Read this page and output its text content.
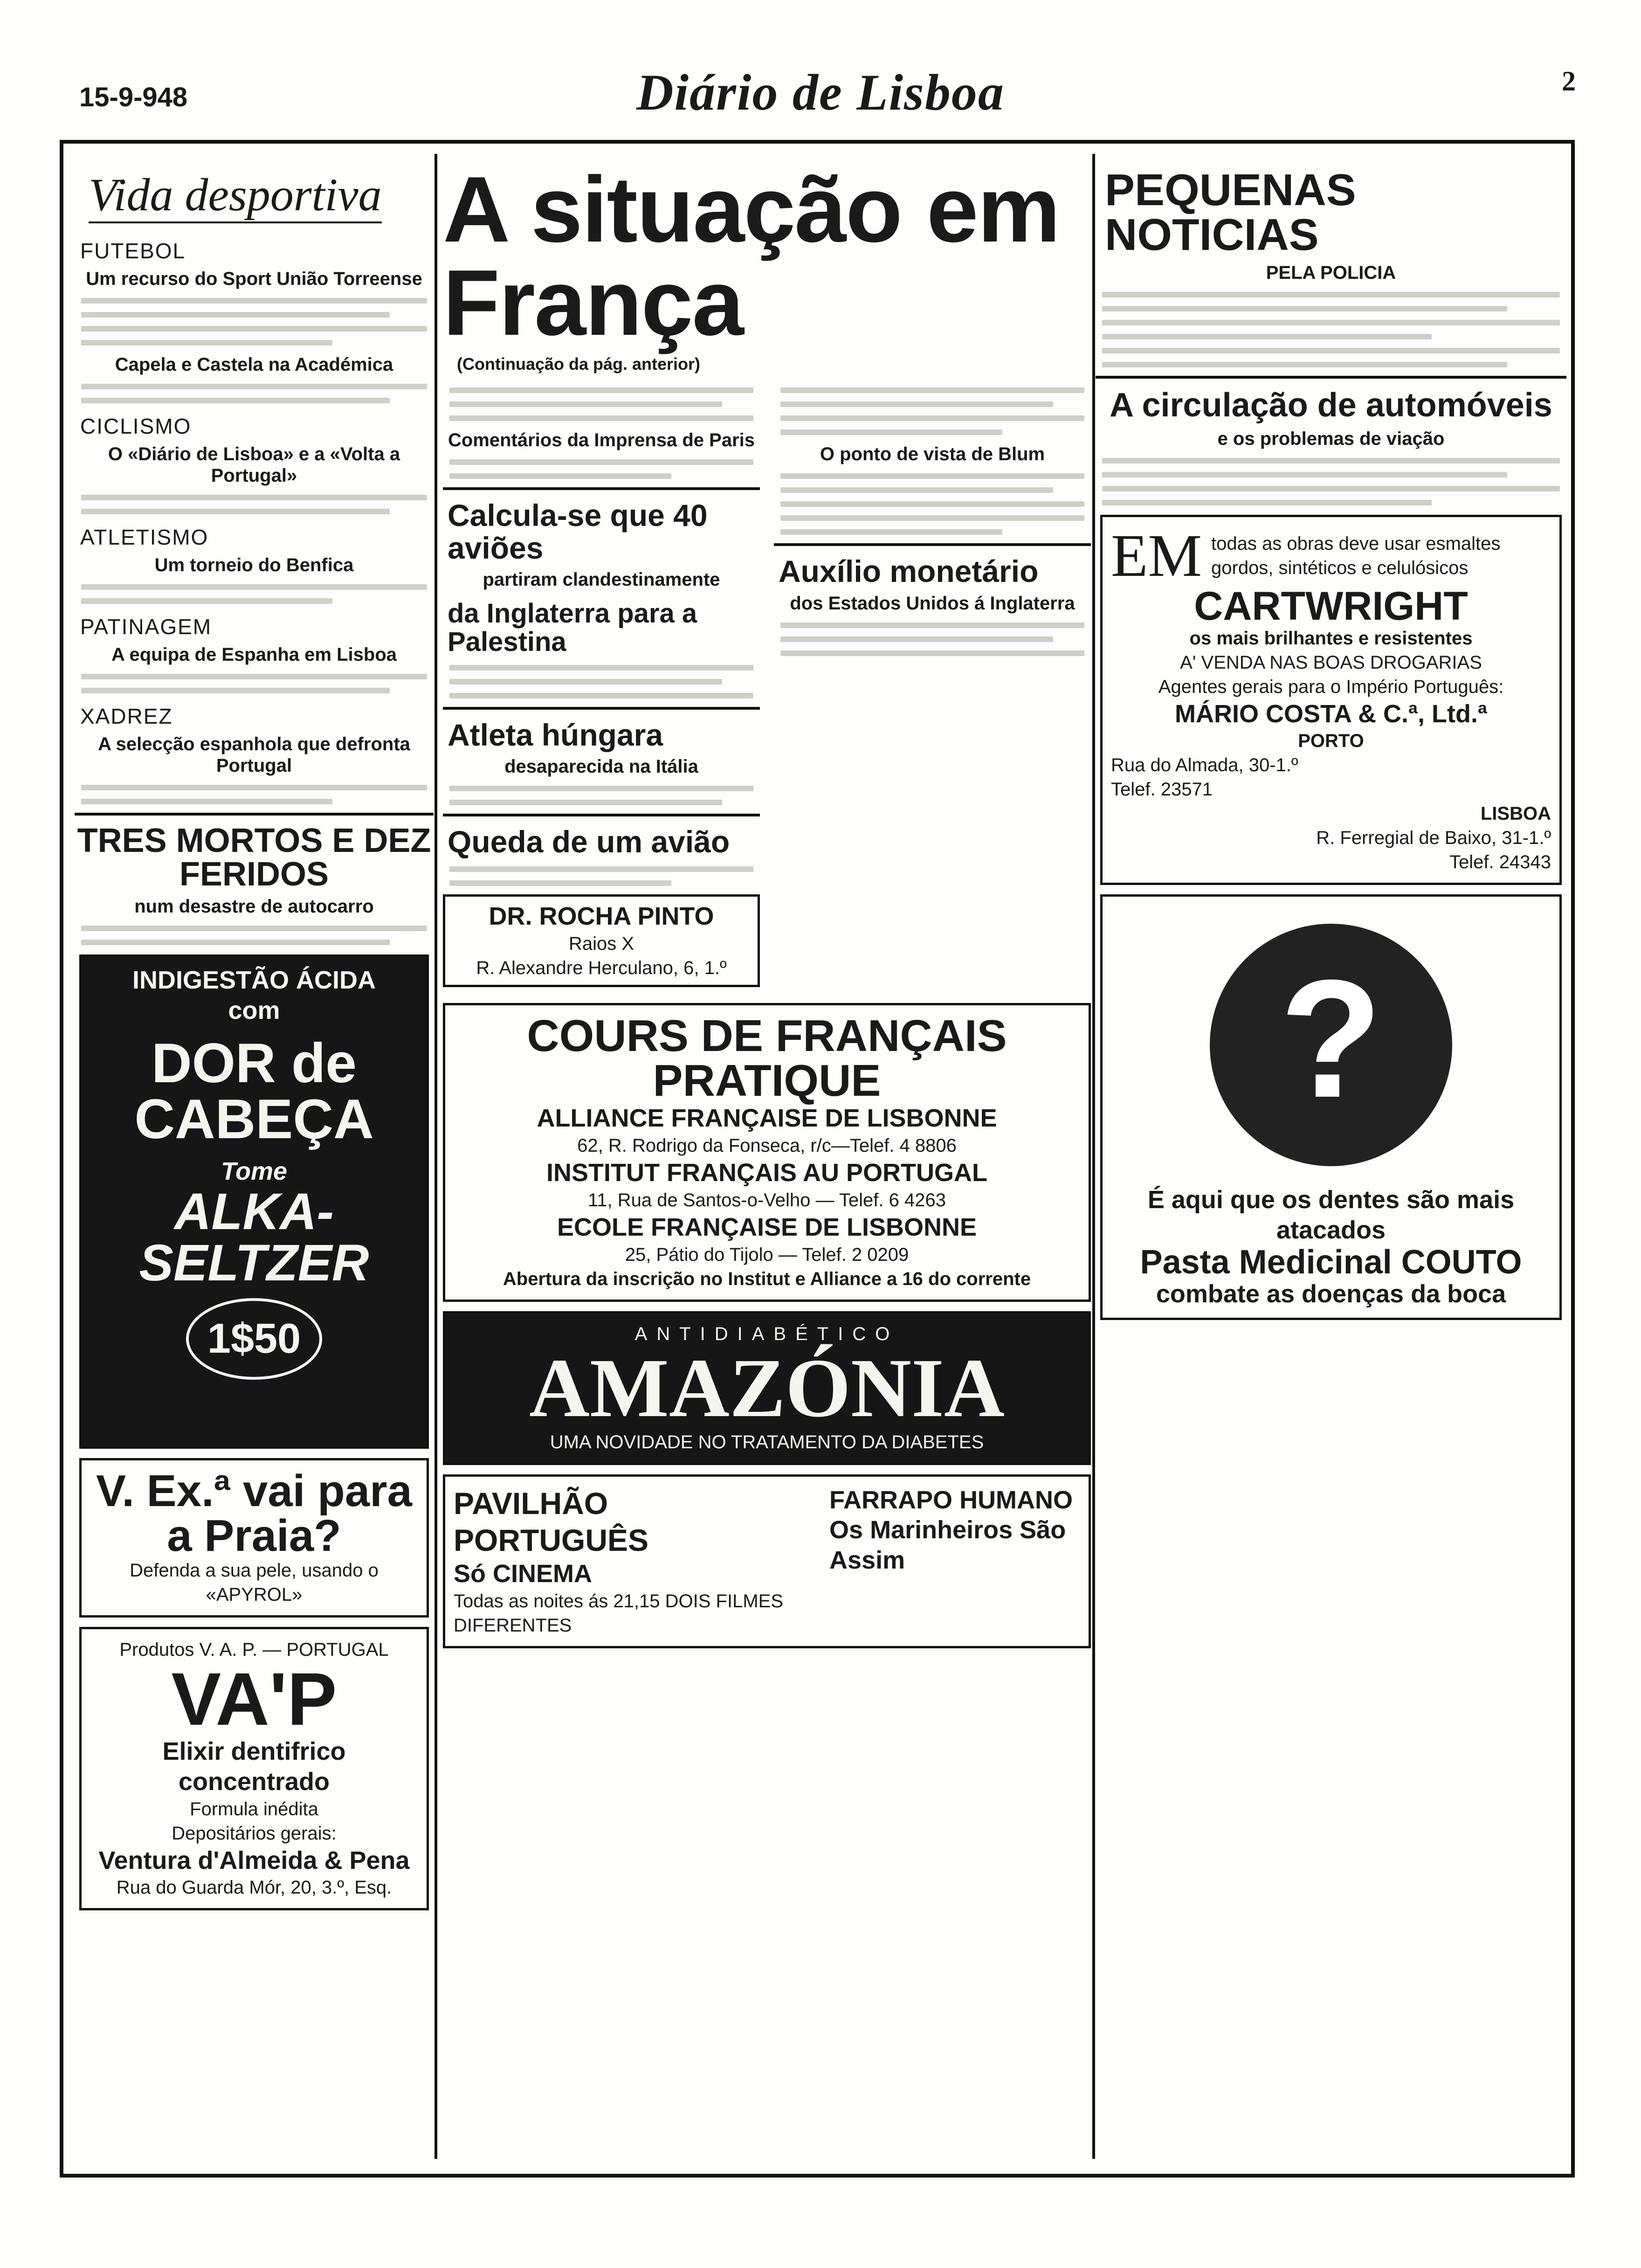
15-9-948	Diário de Lisboa	2
Vida desportiva
FUTEBOL
Um recurso do Sport União Torreense
Capela e Castela na Académica
CICLISMO
O «Diário de Lisboa» e a «Volta a Portugal»
ATLETISMO
Um torneio do Benfica
PATINAGEM
A equipa de Espanha em Lisboa
XADREZ
A selecção espanhola que defronta Portugal
TRES MORTOS E DEZ FERIDOS
num desastre de autocarro
INDIGESTÃO ÁCIDA
com
DOR de CABEÇA
Tome
ALKA-SELTZER
1$50
V. Ex.ª vai para a Praia?
Defenda a sua pele, usando o «APYROL»
Produtos V. A. P. — PORTUGAL
VA'P
Elixir dentifrico concentrado
Formula inédita
Depositários gerais:
Ventura d'Almeida & Pena
Rua do Guarda Mór, 20, 3.º, Esq.
A situação em França
(Continuação da pág. anterior)
Comentários da Imprensa de Paris
Calcula-se que 40 aviões
partiram clandestinamente
da Inglaterra para a Palestina
Atleta húngara
desaparecida na Itália
Queda de um avião
DR. ROCHA PINTO
Raios X
R. Alexandre Herculano, 6, 1.º
O ponto de vista de Blum
Auxílio monetário
dos Estados Unidos á Inglaterra
COURS DE FRANÇAIS PRATIQUE
ALLIANCE FRANÇAISE DE LISBONNE
62, R. Rodrigo da Fonseca, r/c—Telef. 4 8806
INSTITUT FRANÇAIS AU PORTUGAL
11, Rua de Santos-o-Velho — Telef. 6 4263
ECOLE FRANÇAISE DE LISBONNE
25, Pátio do Tijolo — Telef. 2 0209
Abertura da inscrição no Institut e Alliance a 16 do corrente
ANTIDIABÉTICO
AMAZÓNIA
UMA NOVIDADE NO TRATAMENTO DA DIABETES
PAVILHÃO PORTUGUÊS
Só CINEMA
Todas as noites ás 21,15 DOIS FILMES DIFERENTES
FARRAPO HUMANO
Os Marinheiros São Assim
PEQUENAS NOTICIAS
PELA POLICIA
A circulação de automóveis
e os problemas de viação
EM todas as obras deve usar esmaltes gordos, sintéticos e celulósicos
CARTWRIGHT
os mais brilhantes e resistentes
A' VENDA NAS BOAS DROGARIAS
Agentes gerais para o Império Português:
MÁRIO COSTA & C.ª, Ltd.ª
PORTO
Rua do Almada, 30-1.º
Telef. 23571
LISBOA
R. Ferregial de Baixo, 31-1.º
Telef. 24343
?
É aqui que os dentes são mais atacados
Pasta Medicinal COUTO
combate as doenças da boca
